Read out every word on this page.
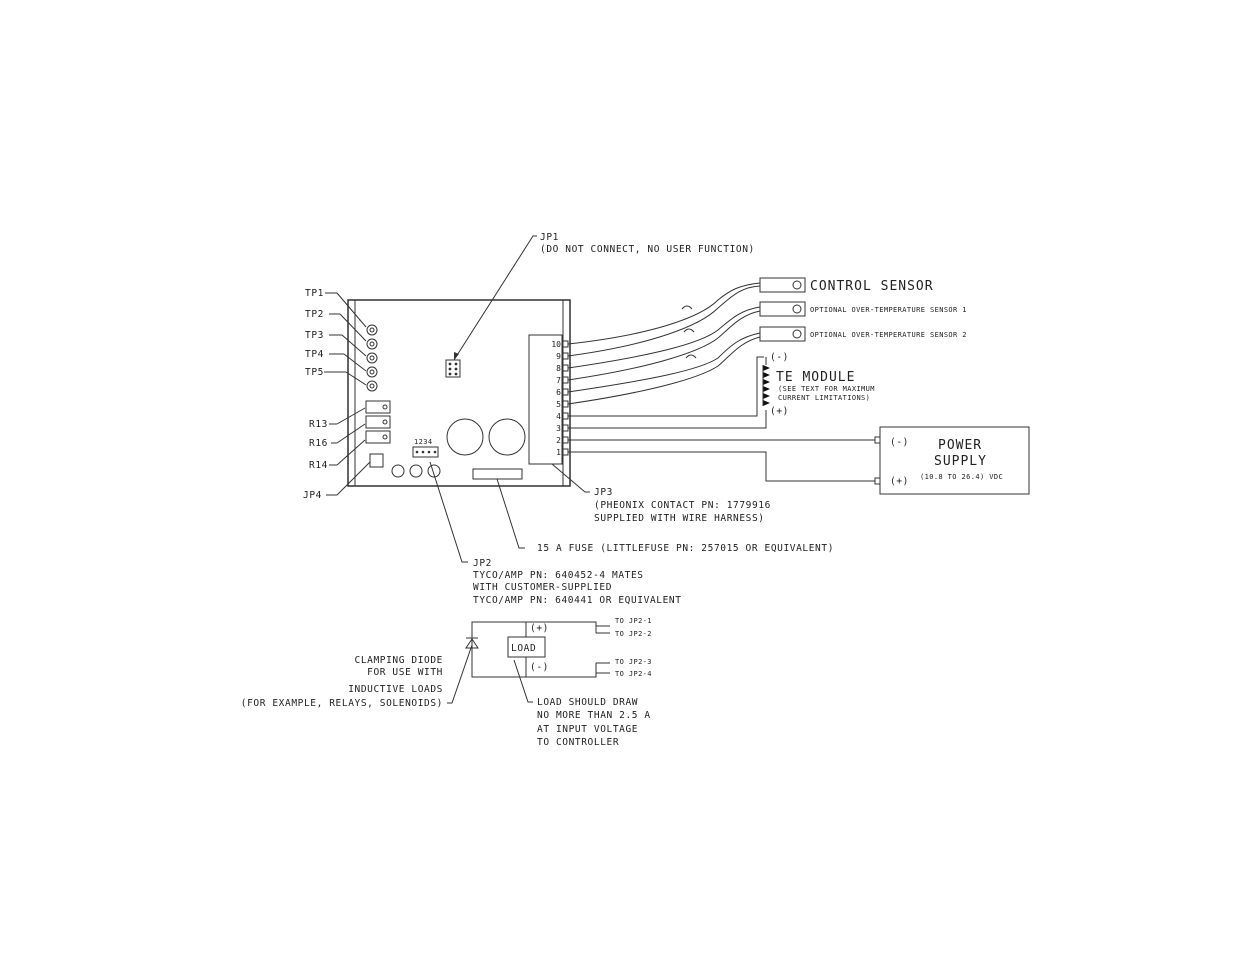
10
9
8
7
6
5
4
3
2
1
JP1
(DO NOT CONNECT, NO USER FUNCTION)
CONTROL SENSOR
OPTIONAL OVER-TEMPERATURE SENSOR 1
OPTIONAL OVER-TEMPERATURE SENSOR 2
(-)
TE MODULE
(SEE TEXT FOR MAXIMUM
CURRENT LIMITATIONS)
(+)
(-)
(+)
POWER
SUPPLY
(10.8 TO 26.4) VDC
TP1
TP2
TP3
TP4
TP5
R13
R16
R14
JP4
1234
JP3
(PHEONIX CONTACT PN: 1779916
SUPPLIED WITH WIRE HARNESS)
15 A FUSE (LITTLEFUSE PN: 257015 OR EQUIVALENT)
JP2
TYCO/AMP PN: 640452-4 MATES
WITH CUSTOMER-SUPPLIED
TYCO/AMP PN: 640441 OR EQUIVALENT
LOAD
(+)
(-)
TO JP2-1
TO JP2-2
TO JP2-3
TO JP2-4
CLAMPING DIODE
FOR USE WITH
INDUCTIVE LOADS
(FOR EXAMPLE, RELAYS, SOLENOIDS)	LOAD SHOULD DRAW
NO MORE THAN 2.5 A
AT INPUT VOLTAGE
TO CONTROLLER
